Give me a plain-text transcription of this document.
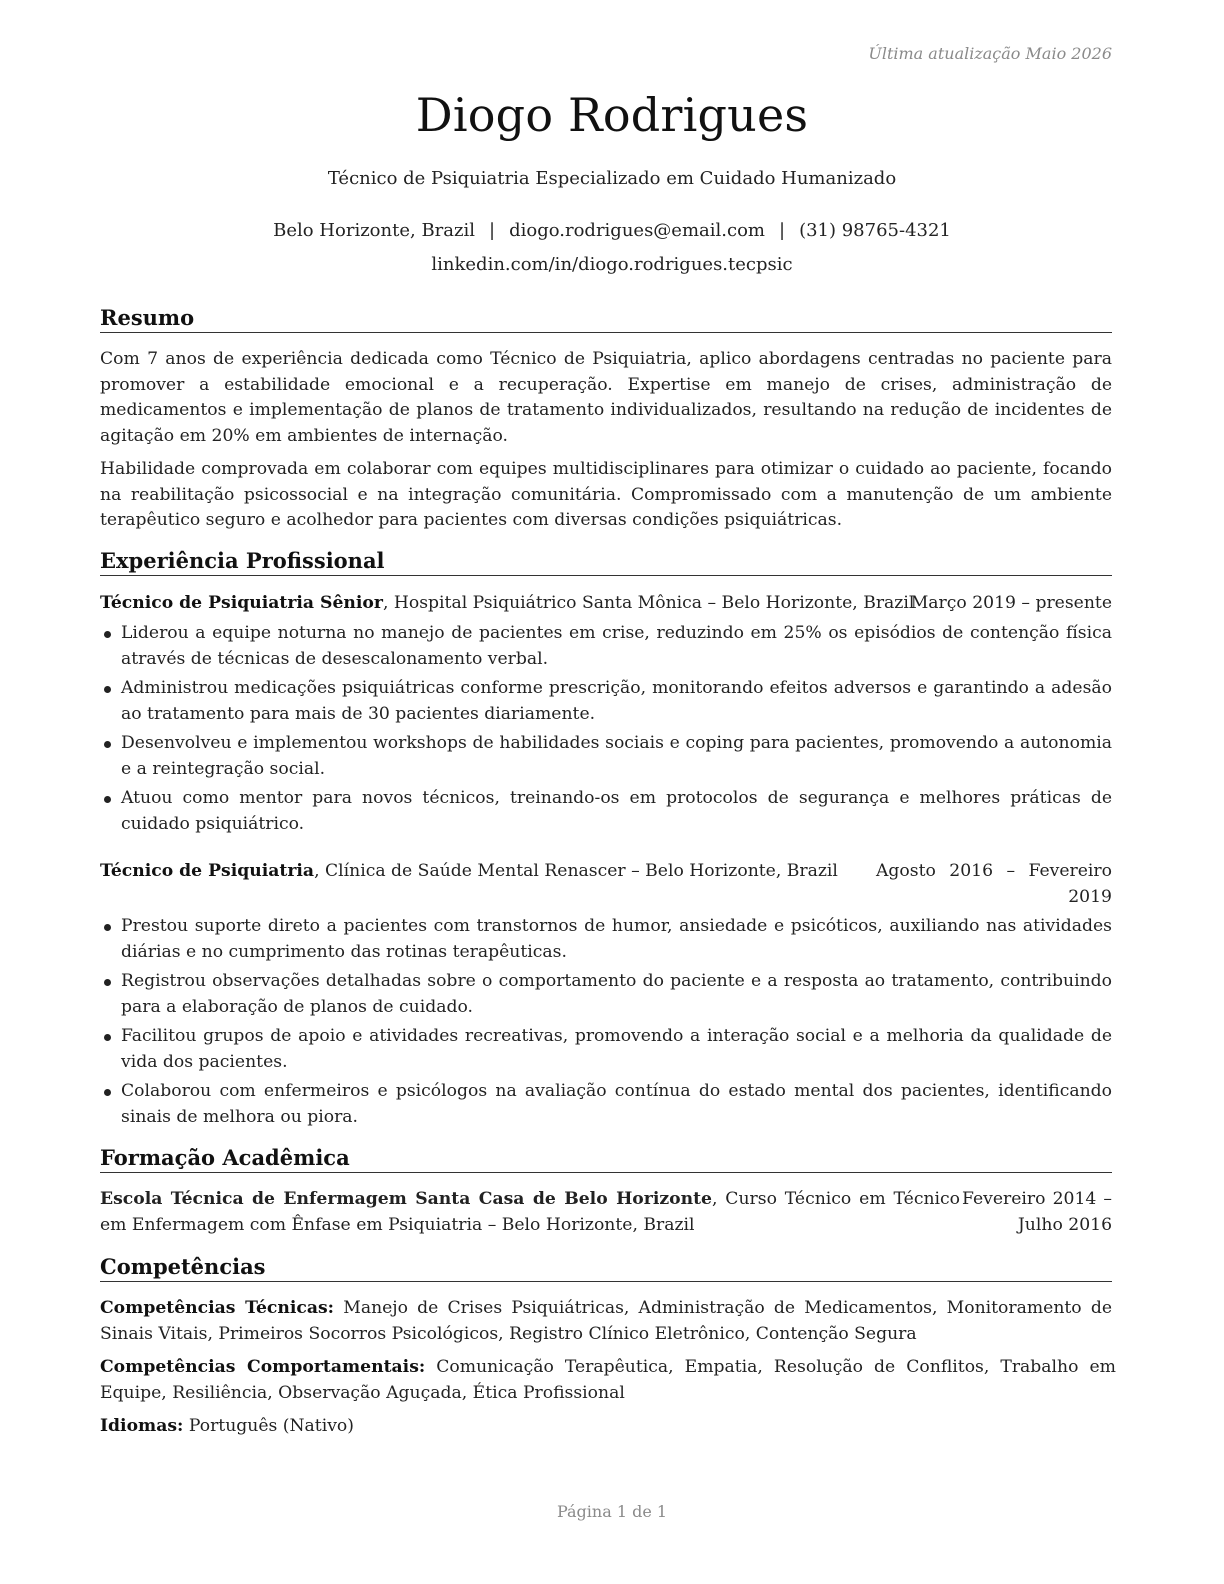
Última atualização Maio 2026
Diogo Rodrigues
Técnico de Psiquiatria Especializado em Cuidado Humanizado
Belo Horizonte, Brazil | diogo.rodrigues@email.com | (31) 98765-4321
linkedin.com/in/diogo.rodrigues.tecpsic
Resumo
Com 7 anos de experiência dedicada como Técnico de Psiquiatria, aplico abordagens centradas no paciente para promover a estabilidade emocional e a recuperação. Expertise em manejo de crises, administração de medicamentos e implementação de planos de tratamento individualizados, resultando na redução de incidentes de agitação em 20% em ambientes de internação.
Habilidade comprovada em colaborar com equipes multidisciplinares para otimizar o cuidado ao paciente, focando na reabilitação psicossocial e na integração comunitária. Compromissado com a manutenção de um ambiente terapêutico seguro e acolhedor para pacientes com diversas condições psiquiátricas.
Experiência Profissional
Técnico de Psiquiatria Sênior, Hospital Psiquiátrico Santa Mônica – Belo Horizonte, Brazil
Março 2019 – presente
Liderou a equipe noturna no manejo de pacientes em crise, reduzindo em 25% os episódios de contenção física através de técnicas de desescalonamento verbal.
Administrou medicações psiquiátricas conforme prescrição, monitorando efeitos adversos e garantindo a adesão ao tratamento para mais de 30 pacientes diariamente.
Desenvolveu e implementou workshops de habilidades sociais e coping para pacientes, promovendo a autonomia e a reintegração social.
Atuou como mentor para novos técnicos, treinando-os em protocolos de segurança e melhores práticas de cuidado psiquiátrico.
Técnico de Psiquiatria, Clínica de Saúde Mental Renascer – Belo Horizonte, Brazil Agosto 2016 – Fevereiro 2019
Prestou suporte direto a pacientes com transtornos de humor, ansiedade e psicóticos, auxiliando nas atividades diárias e no cumprimento das rotinas terapêuticas.
Registrou observações detalhadas sobre o comportamento do paciente e a resposta ao tratamento, contribuindo para a elaboração de planos de cuidado.
Facilitou grupos de apoio e atividades recreativas, promovendo a interação social e a melhoria da qualidade de vida dos pacientes.
Colaborou com enfermeiros e psicólogos na avaliação contínua do estado mental dos pacientes, identificando sinais de melhora ou piora.
Formação Acadêmica
Escola Técnica de Enfermagem Santa Casa de Belo Horizonte, Curso Técnico em Técnico em Enfermagem com Ênfase em Psiquiatria – Belo Horizonte, Brazil
Fevereiro 2014 – Julho 2016
Competências
Competências Técnicas: Manejo de Crises Psiquiátricas, Administração de Medicamentos, Monitoramento de Sinais Vitais, Primeiros Socorros Psicológicos, Registro Clínico Eletrônico, Contenção Segura
Competências Comportamentais: Comunicação Terapêutica, Empatia, Resolução de Conflitos, Trabalho em Equipe, Resiliência, Observação Aguçada, Ética Profissional
Idiomas: Português (Nativo)
Página 1 de 1
